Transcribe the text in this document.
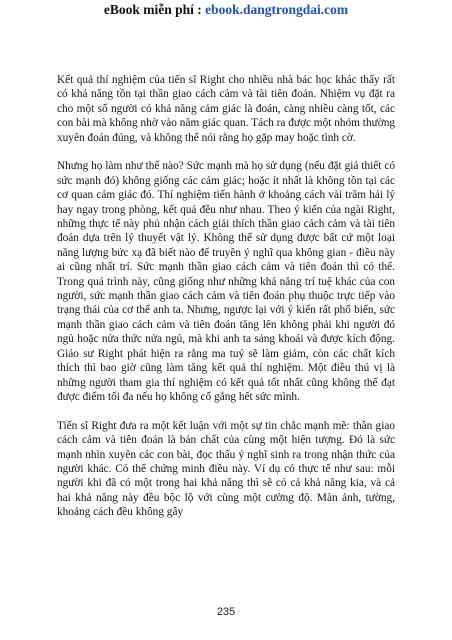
eBook miễn phí : ebook.dangtrongdai.com

Kết quả thí nghiệm của tiến sĩ Right cho nhiều nhà bác học khác thấy rất có khả năng tồn tại thần giao cách cảm và tài tiên đoán. Nhiệm vụ đặt ra cho một số người có khả năng cảm giác là đoán, càng nhiều càng tốt, các con bài mà không nhờ vào năm giác quan. Tách ra được một nhóm thường xuyên đoán đúng, và không thể nói rằng họ gặp may hoặc tình cờ.

Nhưng họ làm như thế nào? Sức mạnh mà họ sử dụng (nếu đặt giả thiết có sức mạnh đó) không giống các cảm giác; hoặc ít nhất là không tồn tại các cơ quan cảm giác đó. Thí nghiệm tiến hành ở khoảng cách vài trăm hải lý hay ngay trong phòng, kết quả đều như nhau. Theo ý kiến của ngài Right, những thực tế này phủ nhận cách giải thích thần giao cách cảm và tài tiên đoán dựa trên lý thuyết vật lý. Không thể sử dụng được bất cứ một loại năng lượng bức xạ đã biết nào để truyền ý nghĩ qua không gian - điều này ai cũng nhất trí. Sức mạnh thần giao cách cảm và tiên đoán thì có thể. Trong quá trình này, cũng giống như những khả năng trí tuệ khác của con người, sức mạnh thần giao cách cảm và tiên đoán phụ thuộc trực tiếp vào trạng thái của cơ thể anh ta. Nhưng, ngược lại với ý kiến rất phổ biến, sức mạnh thần giao cách cảm và tiên đoán tăng lên không phải khi người đó ngủ hoặc nửa thức nửa ngủ, mà khi anh ta sảng khoái và được kích động. Giáo sư Right phát hiện ra rằng ma tuý sẽ làm giảm, còn các chất kích thích thì bao giờ cũng làm tăng kết quả thí nghiệm. Một điều thú vị là những người tham gia thí nghiệm có kết quả tốt nhất cũng không thể đạt được điểm tối đa nếu họ không cố gắng hết sức mình.

Tiến sĩ Right đưa ra một kết luận với một sự tin chắc mạnh mẽ: thần giao cách cảm và tiên đoán là bản chất của cùng một hiện tượng. Đó là sức mạnh nhìn xuyên các con bài, đọc thấu ý nghĩ sinh ra trong nhận thức của người khác. Có thể chứng minh điều này. Ví dụ có thực tế như sau: mỗi người khi đã có một trong hai khả năng thì sẽ có cả khả năng kia, và cả hai khả năng này đều bộc lộ với cùng một cường độ. Màn ảnh, tường, khoảng cách đều không gây

235
